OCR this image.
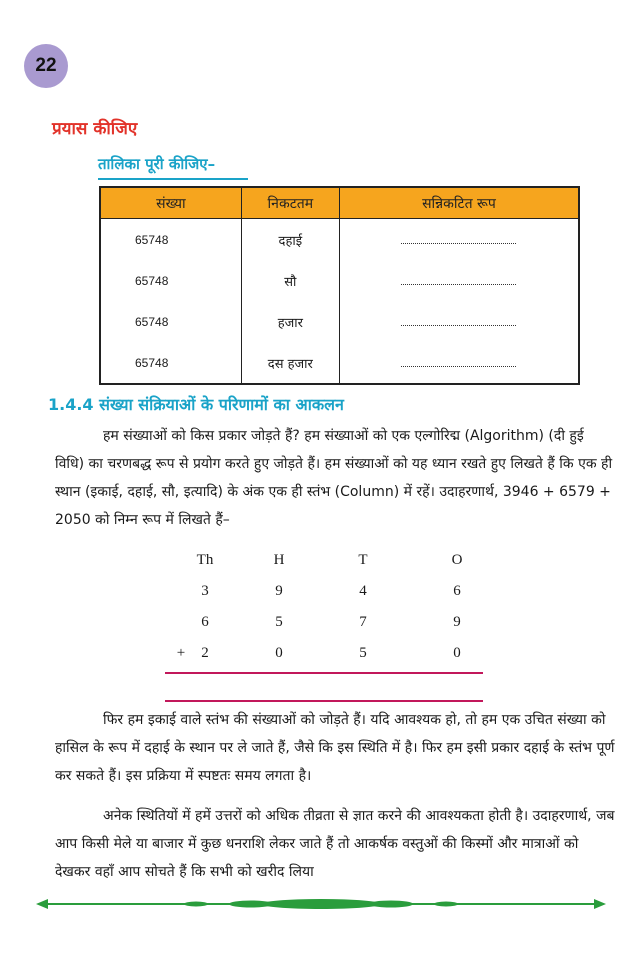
22
प्रयास कीजिए
तालिका पूरी कीजिए–
संख्या	निकटतम	सन्निकटित रूप
65748	दहाई	
65748	सौ	
65748	हजार	
65748	दस हजार	
1.4.4 संख्या संक्रियाओं के परिणामों का आकलन
हम संख्याओं को किस प्रकार जोड़ते हैं? हम संख्याओं को एक एल्गोरिद्म (Algorithm) (दी हुई विधि) का चरणबद्ध रूप से प्रयोग करते हुए जोड़ते हैं। हम संख्याओं को यह ध्यान रखते हुए लिखते हैं कि एक ही स्थान (इकाई, दहाई, सौ, इत्यादि) के अंक एक ही स्तंभ (Column) में रहें। उदाहरणार्थ, 3946 + 6579 + 2050 को निम्न रूप में लिखते हैं–
Th	H	T	O
3	9	4	6
6	5	7	9
+	2	0	5	0
फिर हम इकाई वाले स्तंभ की संख्याओं को जोड़ते हैं। यदि आवश्यक हो, तो हम एक उचित संख्या को हासिल के रूप में दहाई के स्थान पर ले जाते हैं, जैसे कि इस स्थिति में है। फिर हम इसी प्रकार दहाई के स्तंभ पूर्ण कर सकते हैं। इस प्रक्रिया में स्पष्टतः समय लगता है।
अनेक स्थितियों में हमें उत्तरों को अधिक तीव्रता से ज्ञात करने की आवश्यकता होती है। उदाहरणार्थ, जब आप किसी मेले या बाजार में कुछ धनराशि लेकर जाते हैं तो आकर्षक वस्तुओं की किस्मों और मात्राओं को देखकर वहाँ आप सोचते हैं कि सभी को खरीद लिया
